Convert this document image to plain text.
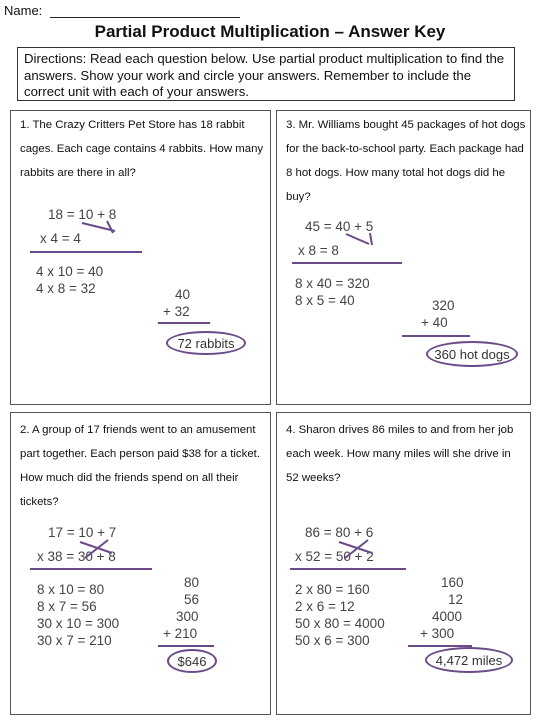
Name:
Partial Product Multiplication – Answer Key
Directions: Read each question below. Use partial product multiplication to find the answers. Show your work and circle your answers. Remember to include the correct unit with each of your answers.
1. The Crazy Critters Pet Store has 18 rabbit cages. Each cage contains 4 rabbits. How many rabbits are there in all?
3. Mr. Williams bought 45 packages of hot dogs for the back-to-school party. Each package had 8 hot dogs. How many total hot dogs did he buy?
2. A group of 17 friends went to an amusement part together. Each person paid $38 for a ticket. How much did the friends spend on all their tickets?
4. Sharon drives 86 miles to and from her job each week. How many miles will she drive in 52 weeks?
18 = 10 + 8
x 4 = 4
4 x 10 = 40
4 x 8 = 32	40
+ 32
72 rabbits
45 = 40 + 5
x 8 = 8
8 x 40 = 320
8 x 5 = 40	320
+ 40
360 hot dogs
17 = 10 + 7
x 38 = 30 + 8
8 x 10 = 80
8 x 7 = 56
30 x 10 = 300
30 x 7 = 210
80
56
300
+ 210
$646
86 = 80 + 6
x 52 = 50 + 2
2 x 80 = 160
2 x 6 = 12
50 x 80 = 4000
50 x 6 = 300
160
12
4000
+ 300
4,472 miles
